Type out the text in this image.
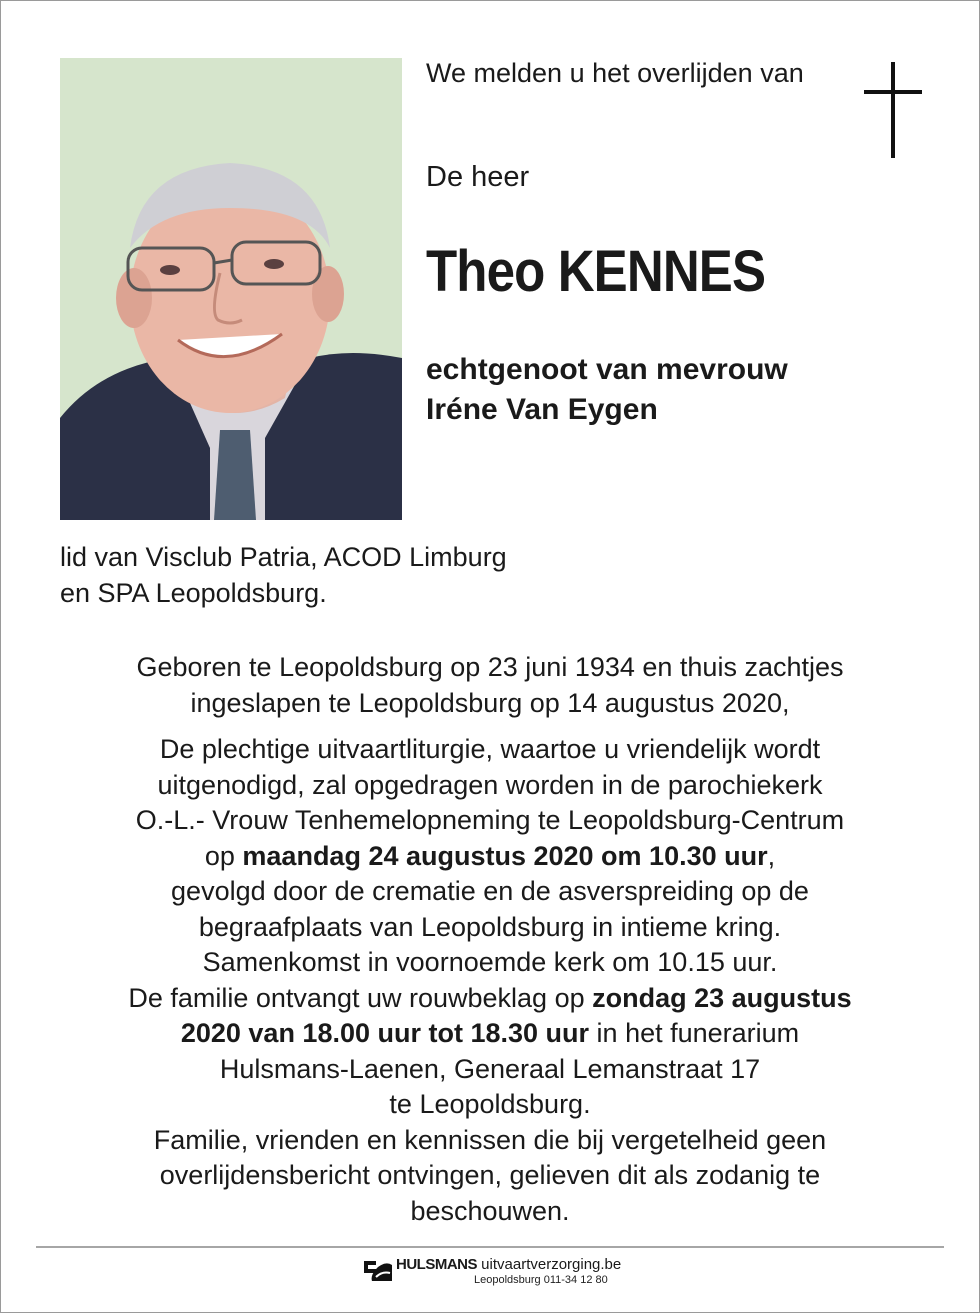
We melden u het overlijden van
De heer
Theo KENNES
echtgenoot van mevrouw
Iréne Van Eygen
lid van Visclub Patria, ACOD Limburg
en SPA Leopoldsburg.

Geboren te Leopoldsburg op 23 juni 1934 en thuis zachtjes

ingeslapen te Leopoldsburg op 14 augustus 2020,

De plechtige uitvaartliturgie, waartoe u vriendelijk wordt

uitgenodigd, zal opgedragen worden in de parochiekerk

O.-L.- Vrouw Tenhemelopneming te Leopoldsburg-Centrum

op maandag 24 augustus 2020 om 10.30 uur,

gevolgd door de crematie en de asverspreiding op de

begraafplaats van Leopoldsburg in intieme kring.

Samenkomst in voornoemde kerk om 10.15 uur.

De familie ontvangt uw rouwbeklag op zondag 23 augustus

2020 van 18.00 uur tot 18.30 uur in het funerarium

Hulsmans-Laenen, Generaal Lemanstraat 17

te Leopoldsburg.

Familie, vrienden en kennissen die bij vergetelheid geen

overlijdensbericht ontvingen, gelieven dit als zodanig te

beschouwen.

HULSMANS uitvaartverzorging.be
Leopoldsburg 011-34 12 80
